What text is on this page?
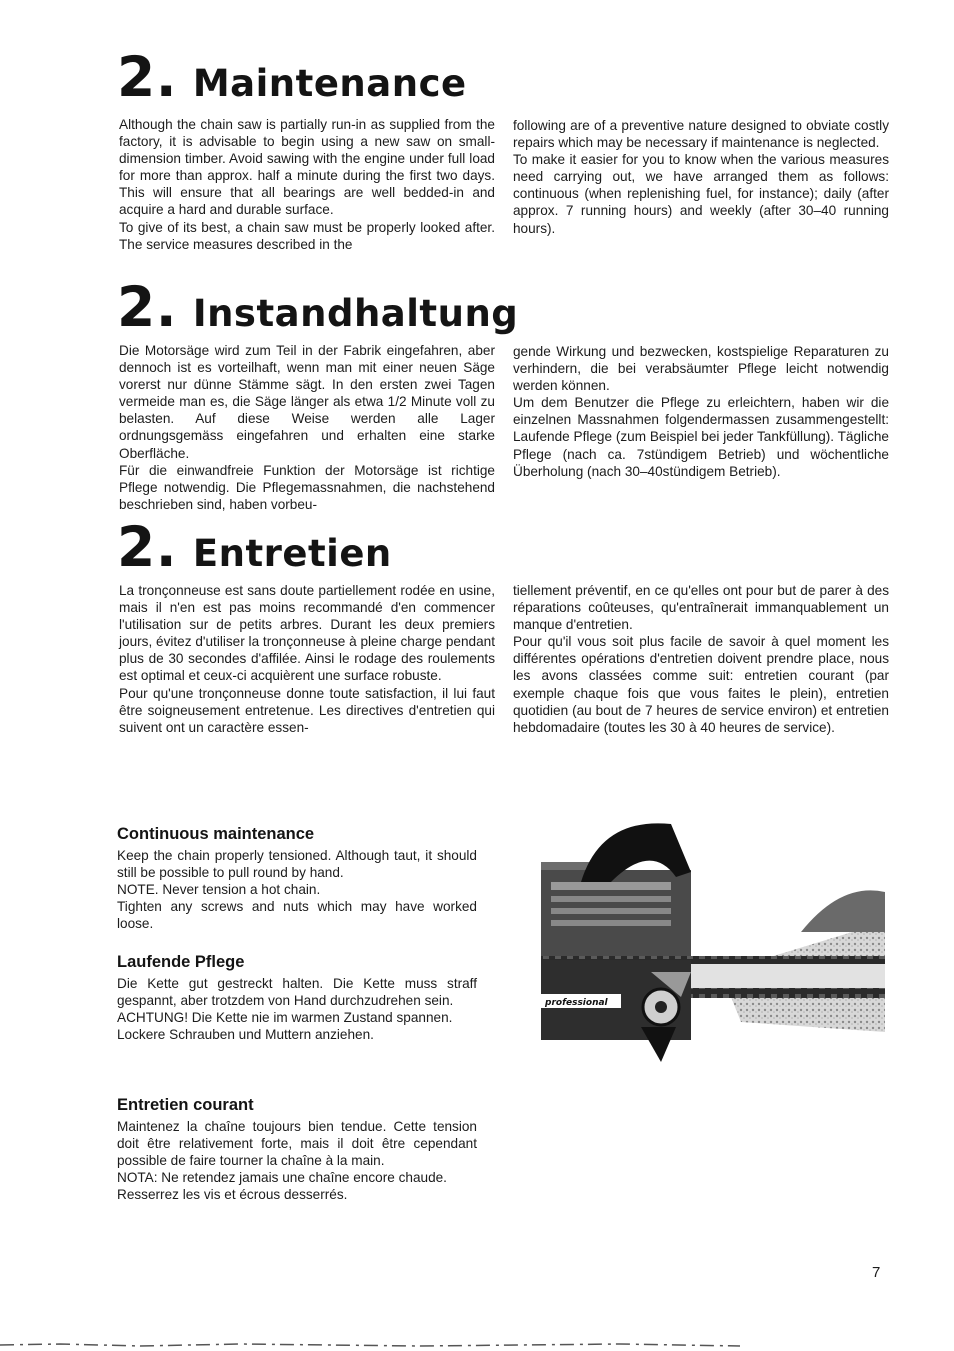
2. Maintenance

Although the chain saw is partially run-in as supplied from the factory, it is advisable to begin using a new saw on small-dimension timber. Avoid sawing with the engine under full load for more than approx. half a minute during the first two days. This will ensure that all bearings are well bedded-in and acquire a hard and durable surface.

To give of its best, a chain saw must be properly looked after. The service measures described in the

following are of a preventive nature designed to obviate costly repairs which may be necessary if maintenance is neglected.

To make it easier for you to know when the various measures need carrying out, we have arranged them as follows: continuous (when replenishing fuel, for instance); daily (after approx. 7 running hours) and weekly (after 30–40 running hours).

2. Instandhaltung

Die Motorsäge wird zum Teil in der Fabrik eingefahren, aber dennoch ist es vorteilhaft, wenn man mit einer neuen Säge vorerst nur dünne Stämme sägt. In den ersten zwei Tagen vermeide man es, die Säge länger als etwa 1/2 Minute voll zu belasten. Auf diese Weise werden alle Lager ordnungsgemäss eingefahren und erhalten eine starke Oberfläche.

Für die einwandfreie Funktion der Motorsäge ist richtige Pflege notwendig. Die Pflegemassnahmen, die nachstehend beschrieben sind, haben vorbeu-

gende Wirkung und bezwecken, kostspielige Reparaturen zu verhindern, die bei verabsäumter Pflege leicht notwendig werden können.

Um dem Benutzer die Pflege zu erleichtern, haben wir die einzelnen Massnahmen folgendermassen zusammengestellt: Laufende Pflege (zum Beispiel bei jeder Tankfüllung). Tägliche Pflege (nach ca. 7stündigem Betrieb) und wöchentliche Überholung (nach 30–40stündigem Betrieb).

2. Entretien

La tronçonneuse est sans doute partiellement rodée en usine, mais il n'en est pas moins recommandé d'en commencer l'utilisation sur de petits arbres. Durant les deux premiers jours, évitez d'utiliser la tronçonneuse à pleine charge pendant plus de 30 secondes d'affilée. Ainsi le rodage des roulements est optimal et ceux-ci acquièrent une surface robuste.

Pour qu'une tronçonneuse donne toute satisfaction, il lui faut être soigneusement entretenue. Les directives d'entretien qui suivent ont un caractère essen-

tiellement préventif, en ce qu'elles ont pour but de parer à des réparations coûteuses, qu'entraînerait immanquablement un manque d'entretien.

Pour qu'il vous soit plus facile de savoir à quel moment les différentes opérations d'entretien doivent prendre place, nous les avons classées comme suit: entretien courant (par exemple chaque fois que vous faites le plein), entretien quotidien (au bout de 7 heures de service environ) et entretien hebdomadaire (toutes les 30 à 40 heures de service).

Continuous maintenance

Keep the chain properly tensioned. Although taut, it should still be possible to pull round by hand.

NOTE. Never tension a hot chain.

Tighten any screws and nuts which may have worked loose.

Laufende Pflege

Die Kette gut gestreckt halten. Die Kette muss straff gespannt, aber trotzdem von Hand durchzudrehen sein.

ACHTUNG! Die Kette nie im warmen Zustand spannen.

Lockere Schrauben und Muttern anziehen.

Entretien courant

Maintenez la chaîne toujours bien tendue. Cette tension doit être relativement forte, mais il doit être cependant possible de faire tourner la chaîne à la main.

NOTA: Ne retendez jamais une chaîne encore chaude.

Resserrez les vis et écrous desserrés.

professional
7
